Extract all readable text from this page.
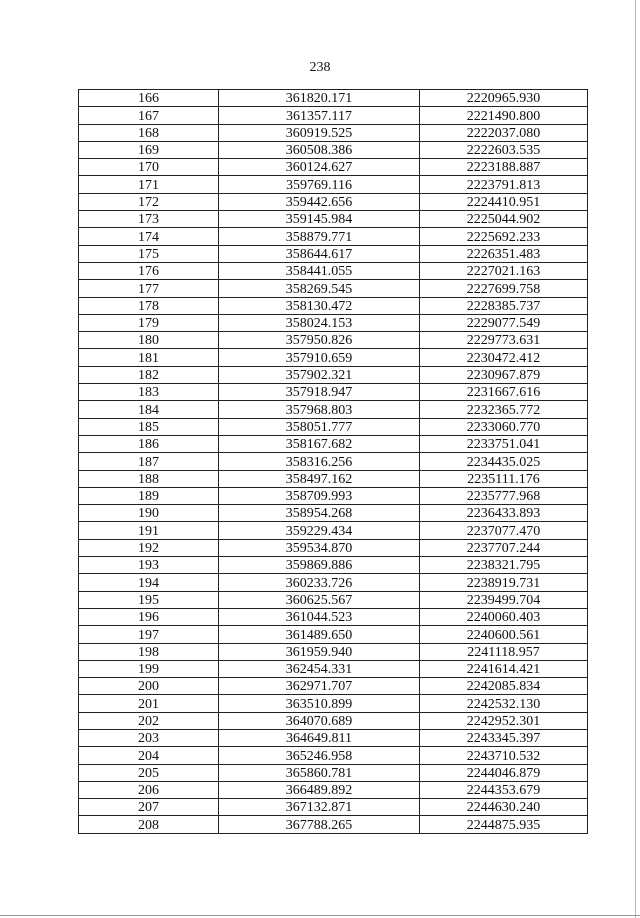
238
166	361820.171	2220965.930
167	361357.117	2221490.800
168	360919.525	2222037.080
169	360508.386	2222603.535
170	360124.627	2223188.887
171	359769.116	2223791.813
172	359442.656	2224410.951
173	359145.984	2225044.902
174	358879.771	2225692.233
175	358644.617	2226351.483
176	358441.055	2227021.163
177	358269.545	2227699.758
178	358130.472	2228385.737
179	358024.153	2229077.549
180	357950.826	2229773.631
181	357910.659	2230472.412
182	357902.321	2230967.879
183	357918.947	2231667.616
184	357968.803	2232365.772
185	358051.777	2233060.770
186	358167.682	2233751.041
187	358316.256	2234435.025
188	358497.162	2235111.176
189	358709.993	2235777.968
190	358954.268	2236433.893
191	359229.434	2237077.470
192	359534.870	2237707.244
193	359869.886	2238321.795
194	360233.726	2238919.731
195	360625.567	2239499.704
196	361044.523	2240060.403
197	361489.650	2240600.561
198	361959.940	2241118.957
199	362454.331	2241614.421
200	362971.707	2242085.834
201	363510.899	2242532.130
202	364070.689	2242952.301
203	364649.811	2243345.397
204	365246.958	2243710.532
205	365860.781	2244046.879
206	366489.892	2244353.679
207	367132.871	2244630.240
208	367788.265	2244875.935
